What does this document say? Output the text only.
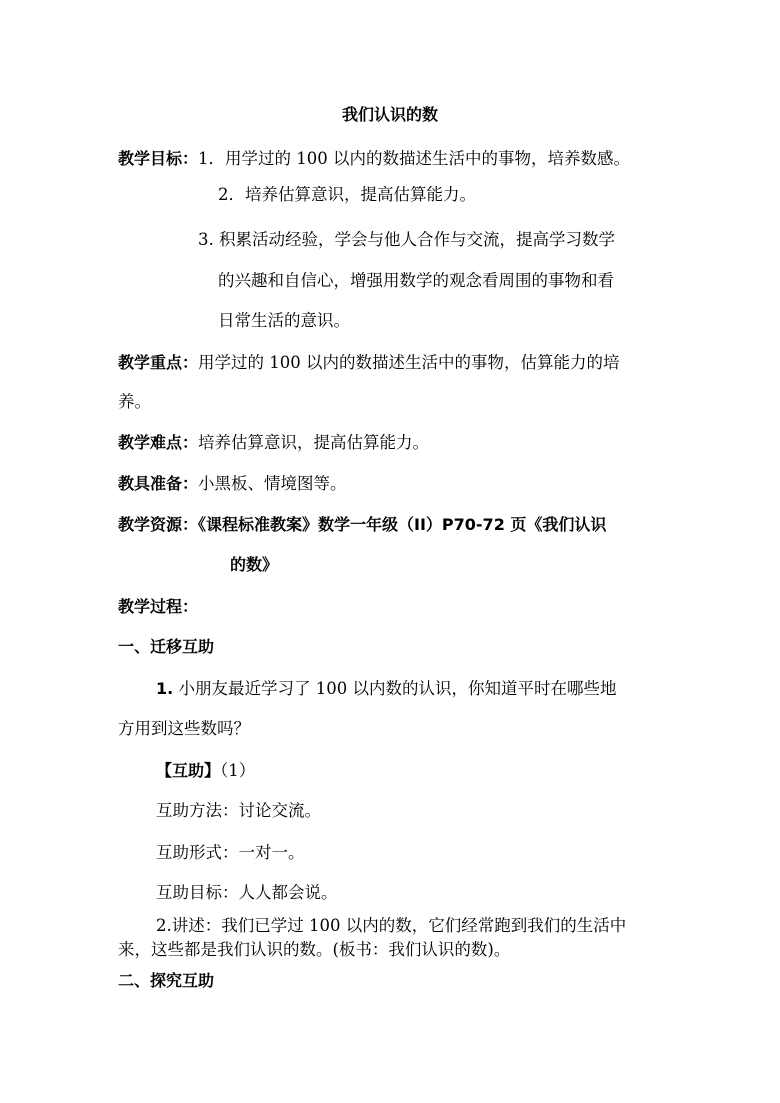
我们认识的数
教学目标：1．用学过的 100 以内的数描述生活中的事物，培养数感。
2．培养估算意识，提高估算能力。
3. 积累活动经验，学会与他人合作与交流，提高学习数学
的兴趣和自信心，增强用数学的观念看周围的事物和看
日常生活的意识。
教学重点：用学过的 100 以内的数描述生活中的事物，估算能力的培
养。
教学难点：培养估算意识，提高估算能力。
教具准备：小黑板、情境图等。
教学资源：《课程标准教案》数学一年级（ⅠⅠ）P70-72 页《我们认识
的数》
教学过程：
一、迁移互助
1. 小朋友最近学习了 100 以内数的认识，你知道平时在哪些地
方用到这些数吗？
【互助】（1）
互助方法：讨论交流。
互助形式：一对一。
互助目标：人人都会说。
2.讲述：我们已学过 100 以内的数，它们经常跑到我们的生活中
来，这些都是我们认识的数。(板书：我们认识的数)。
二、探究互助
